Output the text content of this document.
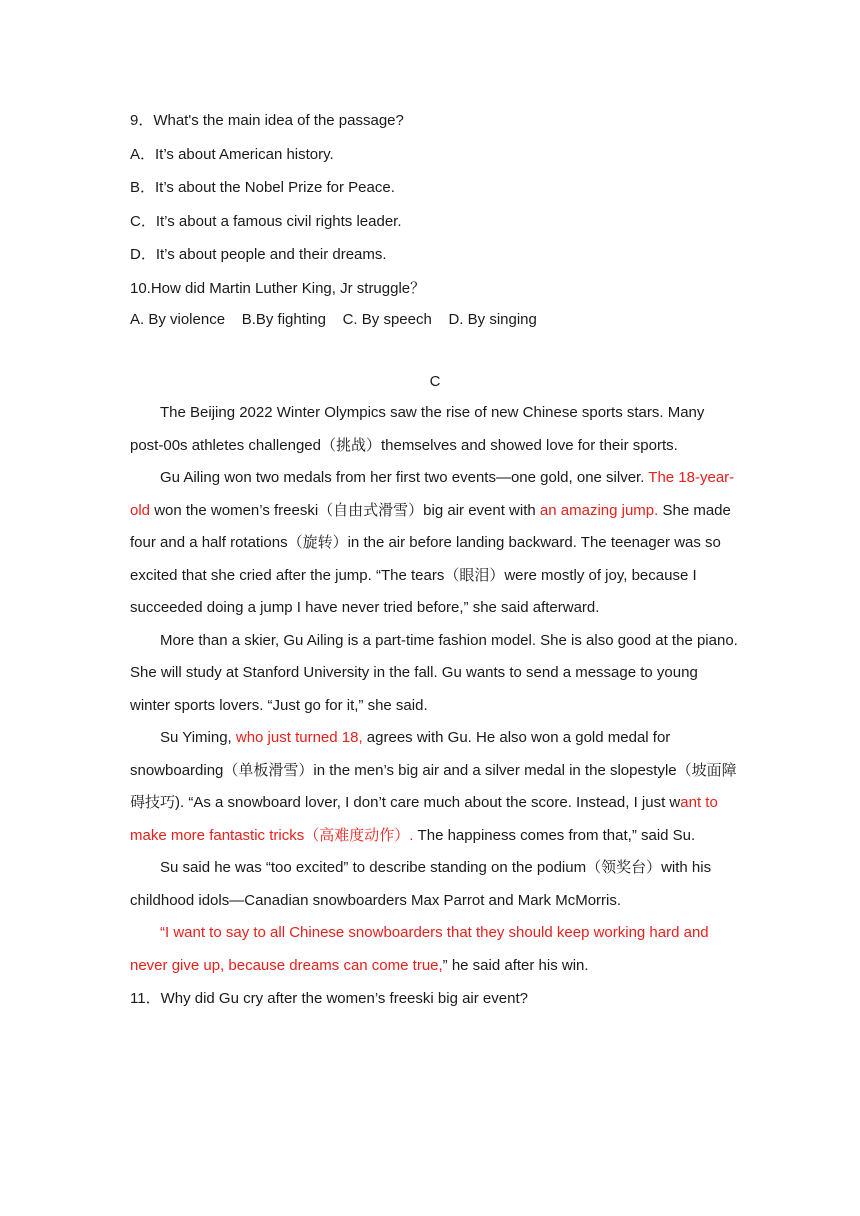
9．What's the main idea of the passage?
A．It’s about American history.
B．It’s about the Nobel Prize for Peace.
C．It’s about a famous civil rights leader.
D．It’s about people and their dreams.
10.How did Martin Luther King, Jr struggle？
A. By violence    B.By fighting    C. By speech    D. By singing
C

The Beijing 2022 Winter Olympics saw the rise of new Chinese sports stars. Many post-00s athletes challenged（挑战）themselves and showed love for their sports.

Gu Ailing won two medals from her first two events—one gold, one silver. The 18-year-old won the women’s freeski（自由式滑雪）big air event with an amazing jump. She made four and a half rotations（旋转）in the air before landing backward. The teenager was so excited that she cried after the jump. “The tears（眼泪）were mostly of joy, because I succeeded doing a jump I have never tried before,” she said afterward.

More than a skier, Gu Ailing is a part-time fashion model. She is also good at the piano. She will study at Stanford University in the fall. Gu wants to send a message to young winter sports lovers. “Just go for it,” she said.

Su Yiming, who just turned 18, agrees with Gu. He also won a gold medal for snowboarding（单板滑雪）in the men’s big air and a silver medal in the slopestyle（坡面障碍技巧). “As a snowboard lover, I don’t care much about the score. Instead, I just want to make more fantastic tricks（高难度动作）. The happiness comes from that,” said Su.

Su said he was “too excited” to describe standing on the podium（领奖台）with his childhood idols—Canadian snowboarders Max Parrot and Mark McMorris.

“I want to say to all Chinese snowboarders that they should keep working hard and never give up, because dreams can come true,” he said after his win.

11．Why did Gu cry after the women’s freeski big air event?
